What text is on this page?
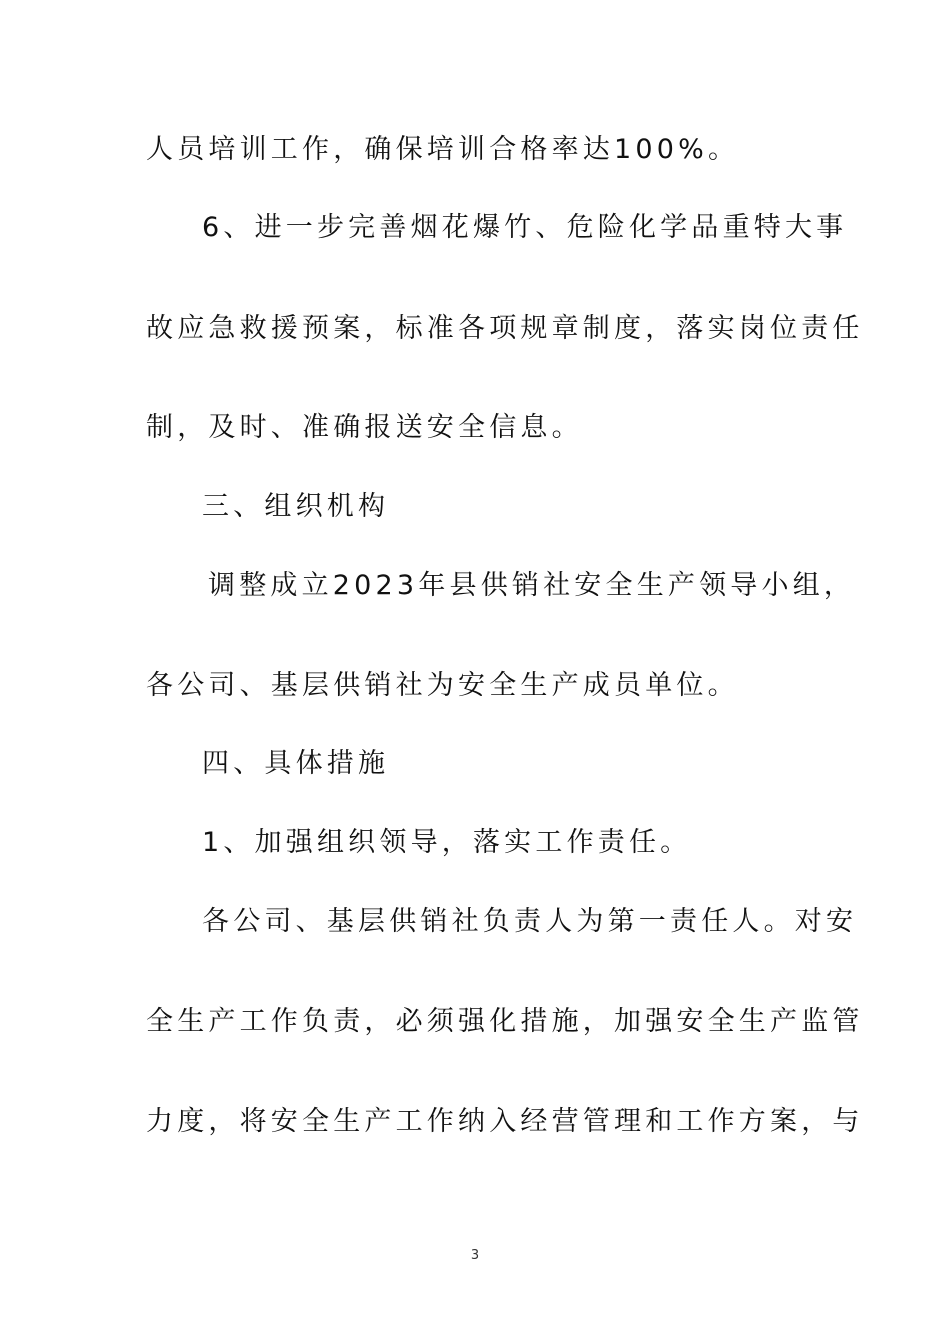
人员培训工作，确保培训合格率达100%。
6、进一步完善烟花爆竹、危险化学品重特大事
故应急救援预案，标准各项规章制度，落实岗位责任
制，及时、准确报送安全信息。
三、组织机构
调整成立2023年县供销社安全生产领导小组，
各公司、基层供销社为安全生产成员单位。
四、具体措施
1、加强组织领导，落实工作责任。
各公司、基层供销社负责人为第一责任人。对安
全生产工作负责，必须强化措施，加强安全生产监管
力度，将安全生产工作纳入经营管理和工作方案，与
3
